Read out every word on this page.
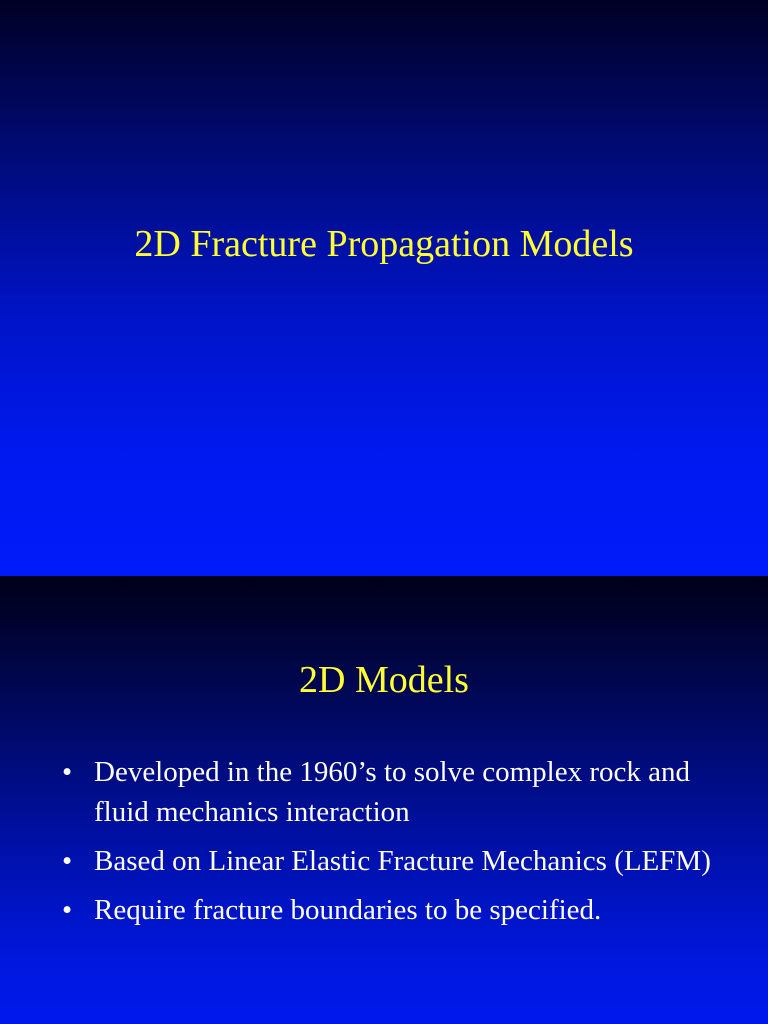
2D Fracture Propagation Models
2D Models
• Developed in the 1960’s to solve complex rock and fluid mechanics interaction
• Based on Linear Elastic Fracture Mechanics (LEFM)
• Require fracture boundaries to be specified.
